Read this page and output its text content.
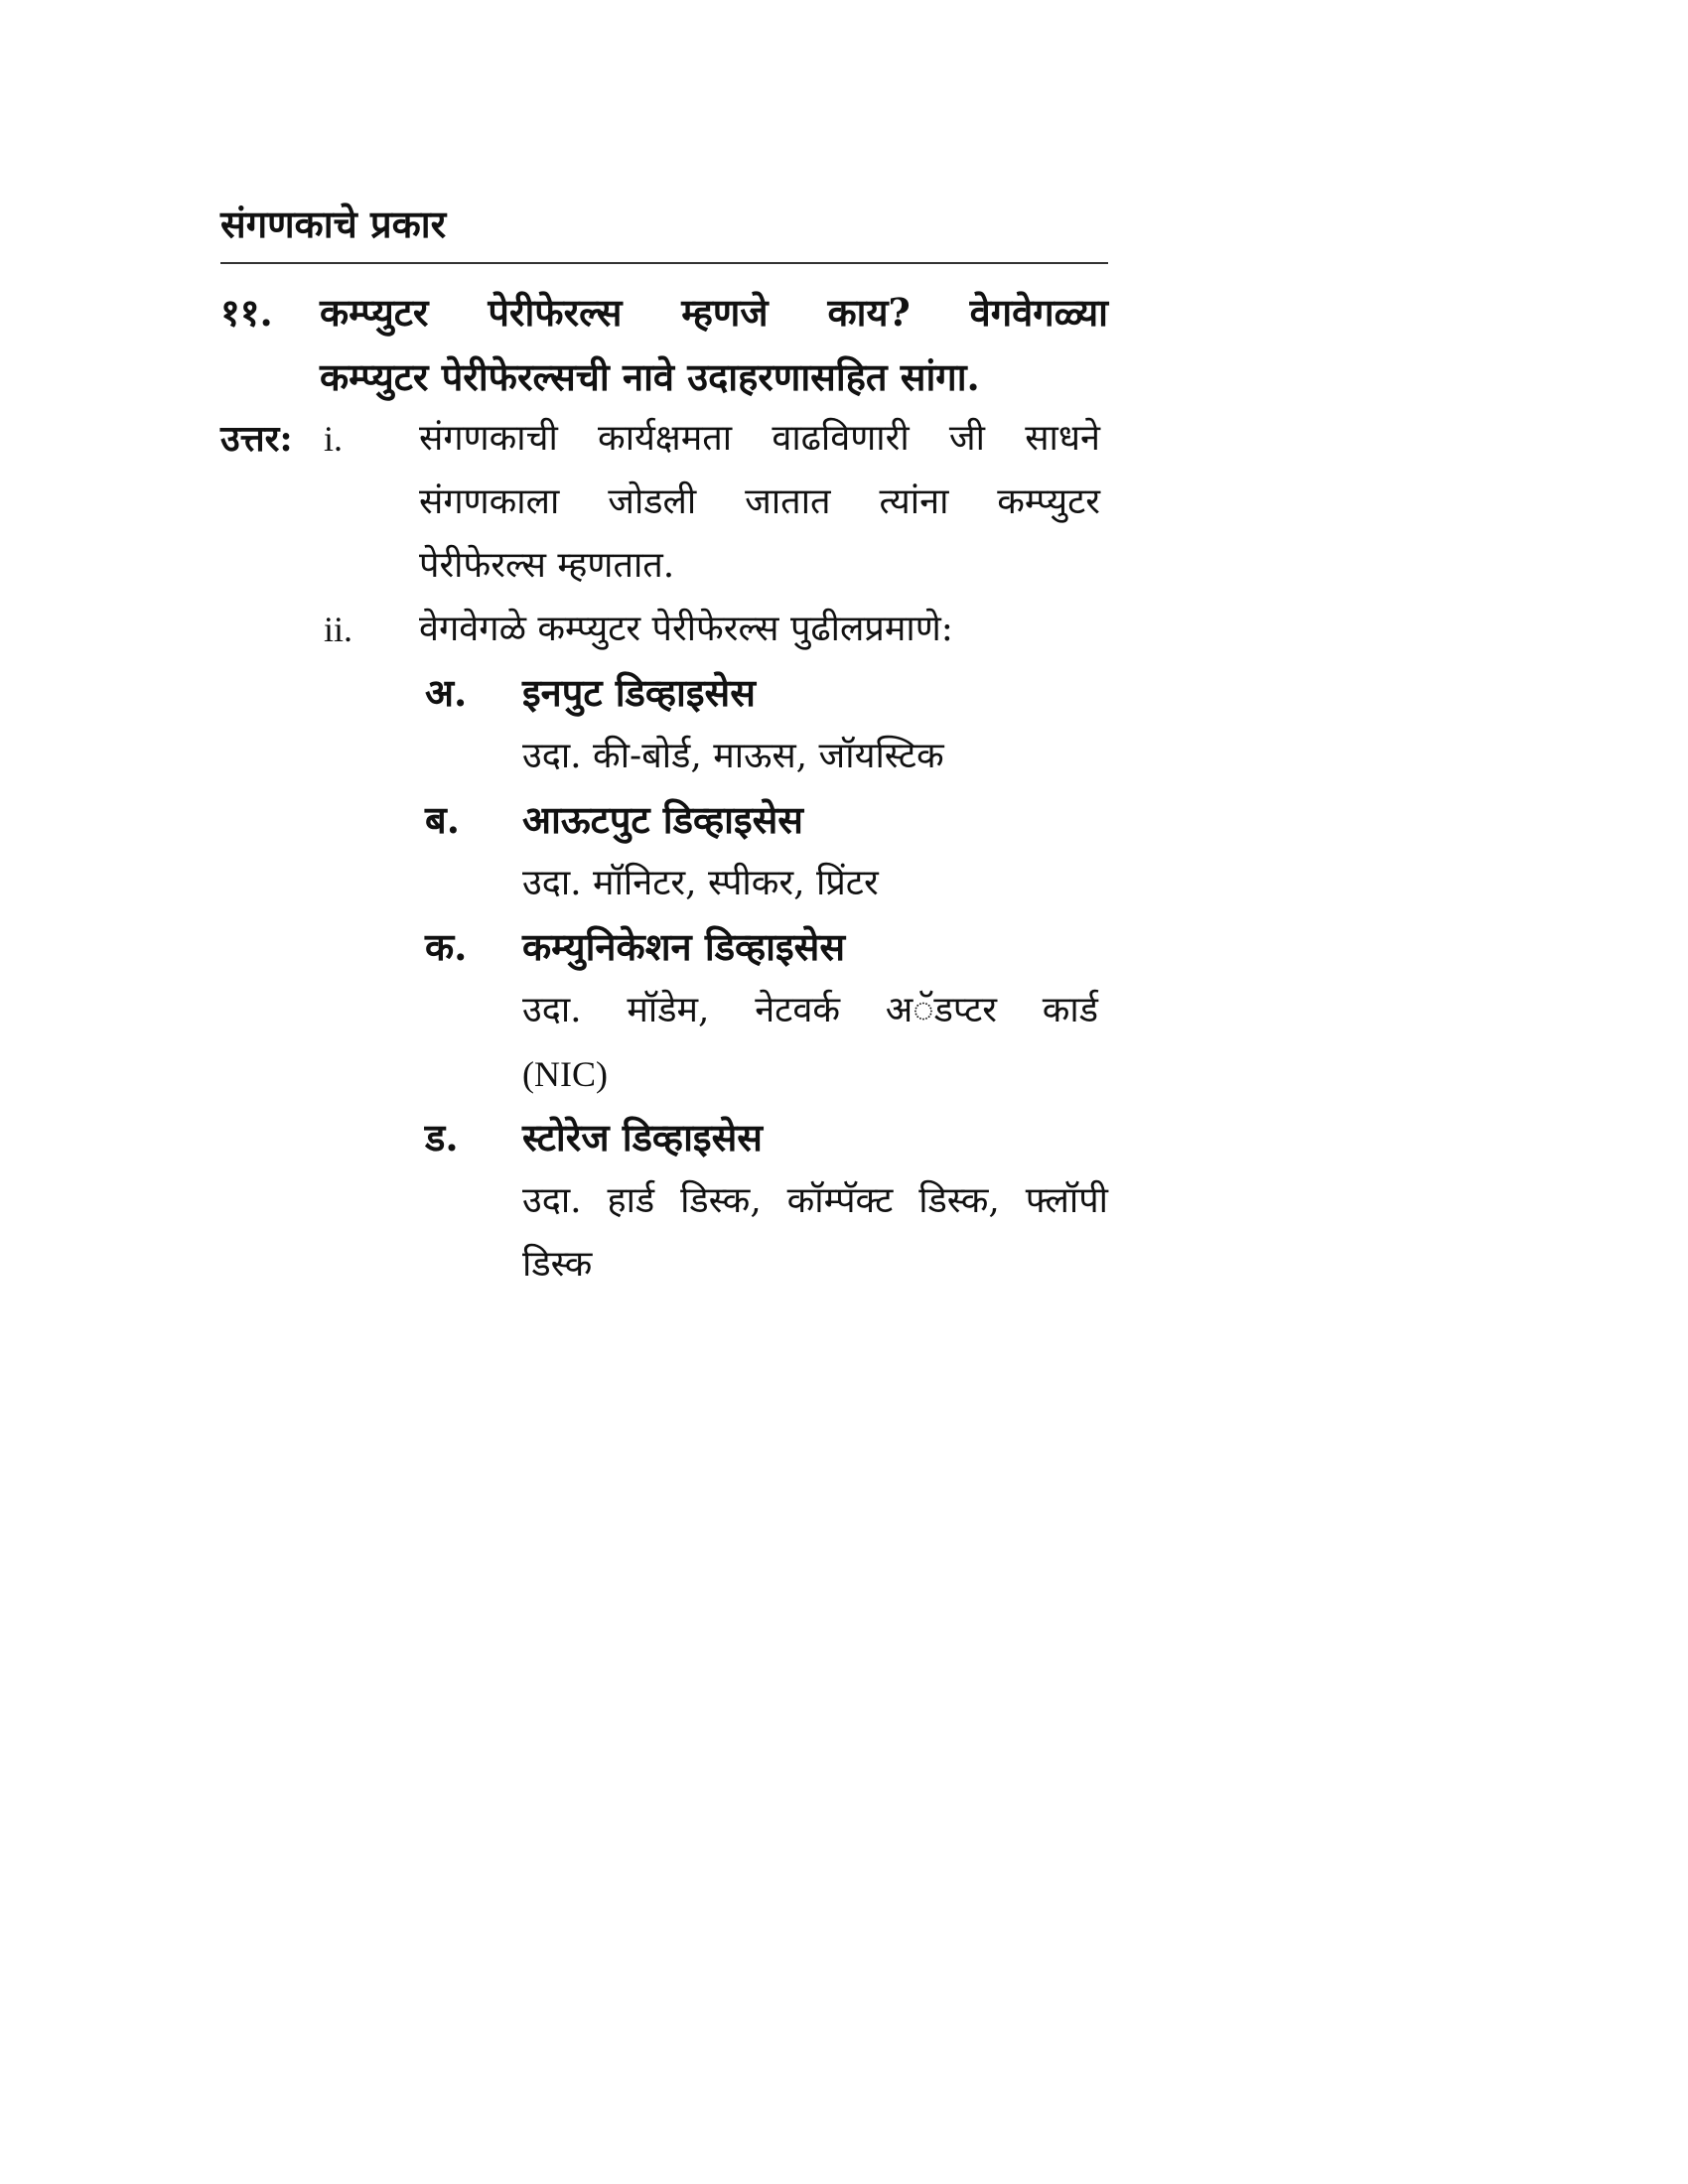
संगणकाचे प्रकार
११. कम्प्युटर पेरीफेरल्स म्हणजे काय? वेगवेगळ्या
कम्प्युटर पेरीफेरल्सची नावे उदाहरणासहित सांगा.
उत्तर: i. संगणकाची कार्यक्षमता वाढविणारी जी साधने
संगणकाला जोडली जातात त्यांना कम्प्युटर
पेरीफेरल्स म्हणतात.
ii. वेगवेगळे कम्प्युटर पेरीफेरल्स पुढीलप्रमाणे:
अ. इनपुट डिव्हाइसेस
उदा. की-बोर्ड, माऊस, जॉयस्टिक
ब. आऊटपुट डिव्हाइसेस
उदा. मॉनिटर, स्पीकर, प्रिंटर
क. कम्युनिकेशन डिव्हाइसेस
उदा. मॉडेम, नेटवर्क अॅडप्टर कार्ड
(NIC)
ड. स्टोरेज डिव्हाइसेस
उदा. हार्ड डिस्क, कॉम्पॅक्ट डिस्क, फ्लॉपी
डिस्क
